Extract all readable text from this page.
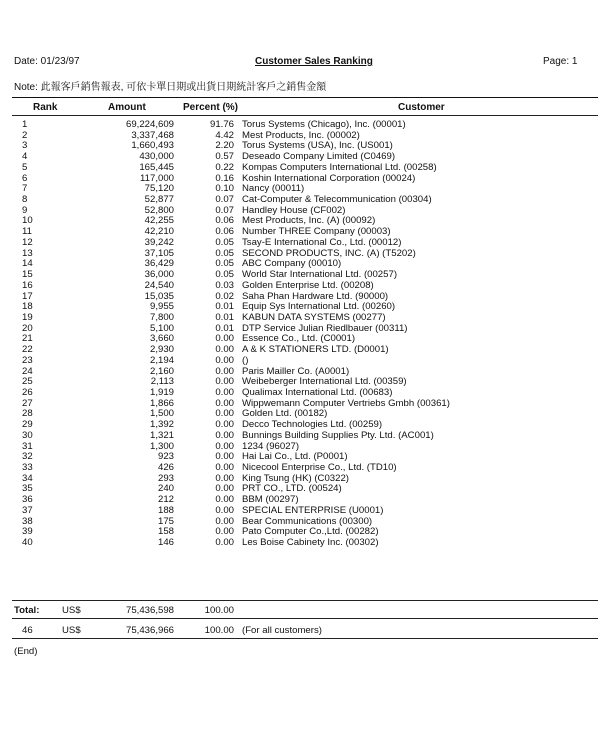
Date: 01/23/97	Customer Sales Ranking	Page: 1
Note: 此報客戶銷售報表, 可依卡單日期或出貨日期統計客戶之銷售金額
Rank	Amount	Percent (%)	Customer
1	69,224,609	91.76 Torus Systems (Chicago), Inc. (00001)
2	3,337,468	4.42 Mest Products, Inc. (00002)
3	1,660,493	2.20 Torus Systems (USA), Inc. (US001)
4	430,000	0.57 Deseado Company Limited (C0469)
5	165,445	0.22 Kompas Computers International Ltd. (00258)
6	117,000	0.16 Koshin International Corporation (00024)
7	75,120	0.10 Nancy (00011)
8	52,877	0.07 Cat-Computer & Telecommunication (00304)
9	52,800	0.07 Handley House (CF002)
10	42,255	0.06 Mest Products, Inc. (A) (00092)
11	42,210	0.06 Number THREE Company (00003)
12	39,242	0.05 Tsay-E International Co., Ltd. (00012)
13	37,105	0.05 SECOND PRODUCTS, INC. (A) (T5202)
14	36,429	0.05 ABC Company (00010)
15	36,000	0.05 World Star International Ltd. (00257)
16	24,540	0.03 Golden Enterprise Ltd. (00208)
17	15,035	0.02 Saha Phan Hardware Ltd. (90000)
18	9,955	0.01 Equip Sys International Ltd. (00260)
19	7,800	0.01 KABUN DATA SYSTEMS (00277)
20	5,100	0.01 DTP Service Julian Riedlbauer (00311)
21	3,660	0.00 Essence Co., Ltd. (C0001)
22	2,930	0.00 A & K STATIONERS LTD. (D0001)
23	2,194	0.00 ()
24	2,160	0.00 Paris Mailler Co. (A0001)
25	2,113	0.00 Weibeberger International Ltd. (00359)
26	1,919	0.00 Qualimax International Ltd. (00683)
27	1,866	0.00 Wippwemann Computer Vertriebs Gmbh (00361)
28	1,500	0.00 Golden Ltd. (00182)
29	1,392	0.00 Decco Technologies Ltd. (00259)
30	1,321	0.00 Bunnings Building Supplies Pty. Ltd. (AC001)
31	1,300	0.00 1234 (96027)
32	923	0.00 Hai Lai Co., Ltd. (P0001)
33	426	0.00 Nicecool Enterprise Co., Ltd. (TD10)
34	293	0.00 King Tsung (HK) (C0322)
35	240	0.00 PRT CO., LTD. (00524)
36	212	0.00 BBM (00297)
37	188	0.00 SPECIAL ENTERPRISE (U0001)
38	175	0.00 Bear Communications (00300)
39	158	0.00 Pato Computer Co.,Ltd. (00282)
40	146	0.00 Les Boise Cabinety Inc. (00302)
Total: US$	75,436,598	100.00
46	US$	75,436,966	100.00 (For all customers)
(End)
